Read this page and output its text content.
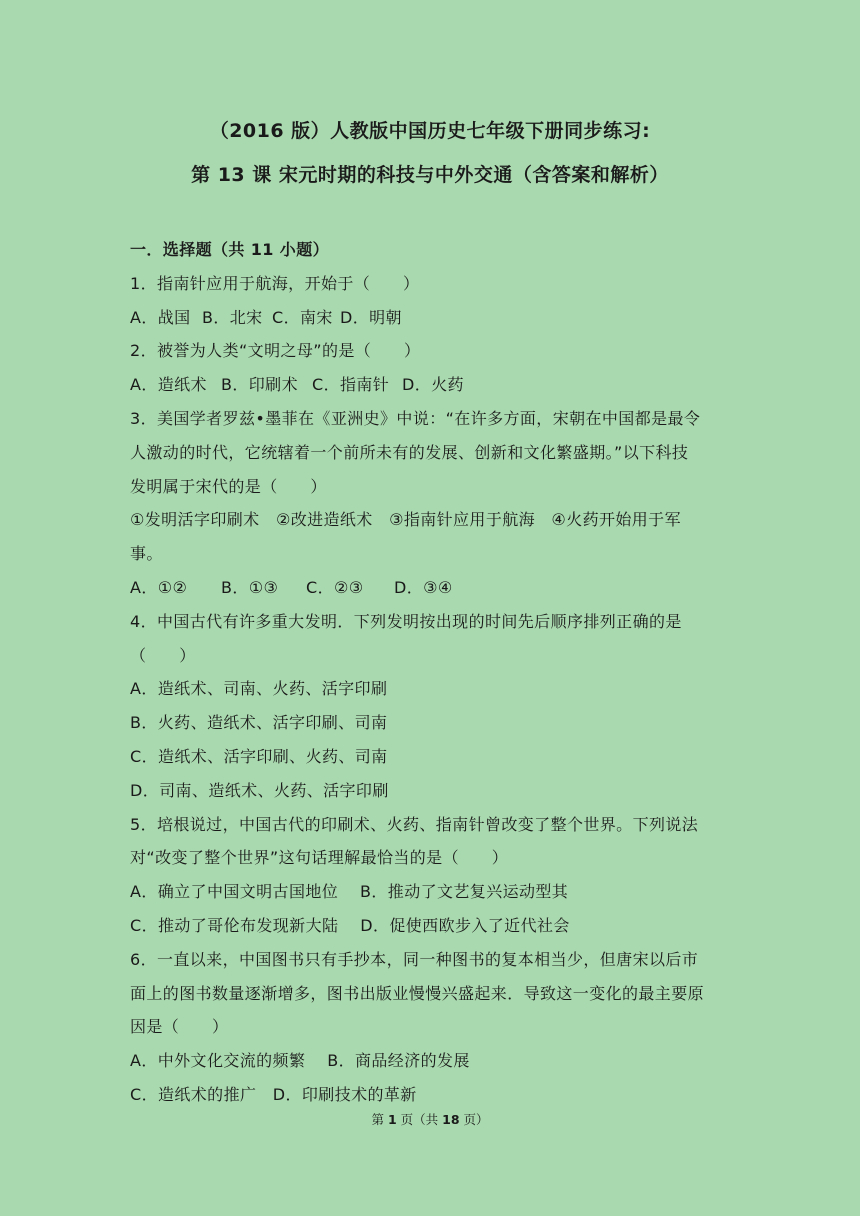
（2016 版）人教版中国历史七年级下册同步练习:
第 13 课 宋元时期的科技与中外交通（含答案和解析）
一．选择题（共 11 小题）
1．指南针应用于航海，开始于（　　）
A．战国 B．北宋 C．南宋 D．明朝
2．被誉为人类“文明之母”的是（　　）
A．造纸术 B．印刷术 C．指南针 D．火药
3．美国学者罗兹•墨菲在《亚洲史》中说：“在许多方面，宋朝在中国都是最令
人激动的时代，它统辖着一个前所未有的发展、创新和文化繁盛期。”以下科技
发明属于宋代的是（　　）
①发明活字印刷术　②改进造纸术　③指南针应用于航海　④火药开始用于军
事。
A．①② B．①③ C．②③ D．③④
4．中国古代有许多重大发明．下列发明按出现的时间先后顺序排列正确的是
（　　）
A．造纸术、司南、火药、活字印刷
B．火药、造纸术、活字印刷、司南
C．造纸术、活字印刷、火药、司南
D．司南、造纸术、火药、活字印刷
5．培根说过，中国古代的印刷术、火药、指南针曾改变了整个世界。下列说法
对“改变了整个世界”这句话理解最恰当的是（　　）
A．确立了中国文明古国地位　 B．推动了文艺复兴运动型其
C．推动了哥伦布发现新大陆　 D．促使西欧步入了近代社会
6．一直以来，中国图书只有手抄本，同一种图书的复本相当少，但唐宋以后市
面上的图书数量逐渐增多，图书出版业慢慢兴盛起来．导致这一变化的最主要原
因是（　　）
A．中外文化交流的频繁　 B．商品经济的发展
C．造纸术的推广　D．印刷技术的革新
第 1 页（共 18 页）
